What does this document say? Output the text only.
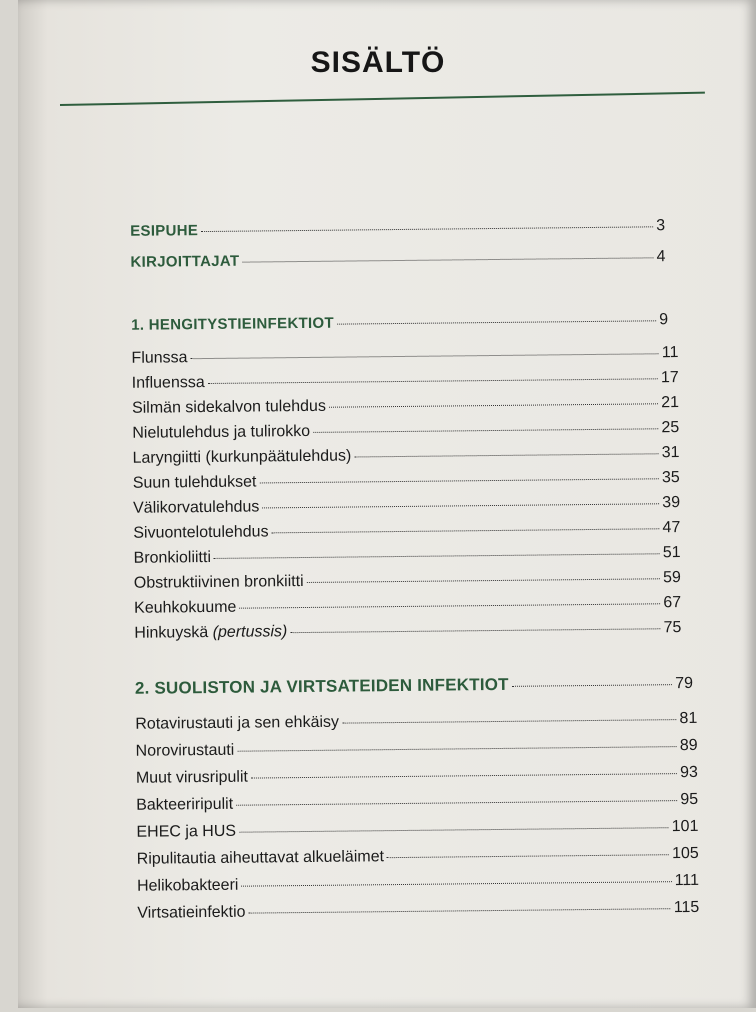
SISÄLTÖ
ESIPUHE	3
KIRJOITTAJAT	4
1. HENGITYSTIEINFEKTIOT	9
Flunssa	11
Influenssa	17
Silmän sidekalvon tulehdus	21
Nielutulehdus ja tulirokko	25
Laryngiitti (kurkunpäätulehdus)	31
Suun tulehdukset	35
Välikorvatulehdus	39
Sivuontelotulehdus	47
Bronkioliitti	51
Obstruktiivinen bronkiitti	59
Keuhkokuume	67
Hinkuyskä (pertussis)	75
2. SUOLISTON JA VIRTSATEIDEN INFEKTIOT	79
Rotavirustauti ja sen ehkäisy	81
Norovirustauti	89
Muut virusripulit	93
Bakteeriripulit	95
EHEC ja HUS	101
Ripulitautia aiheuttavat alkueläimet	105
Helikobakteeri	111
Virtsatieinfektio	115
